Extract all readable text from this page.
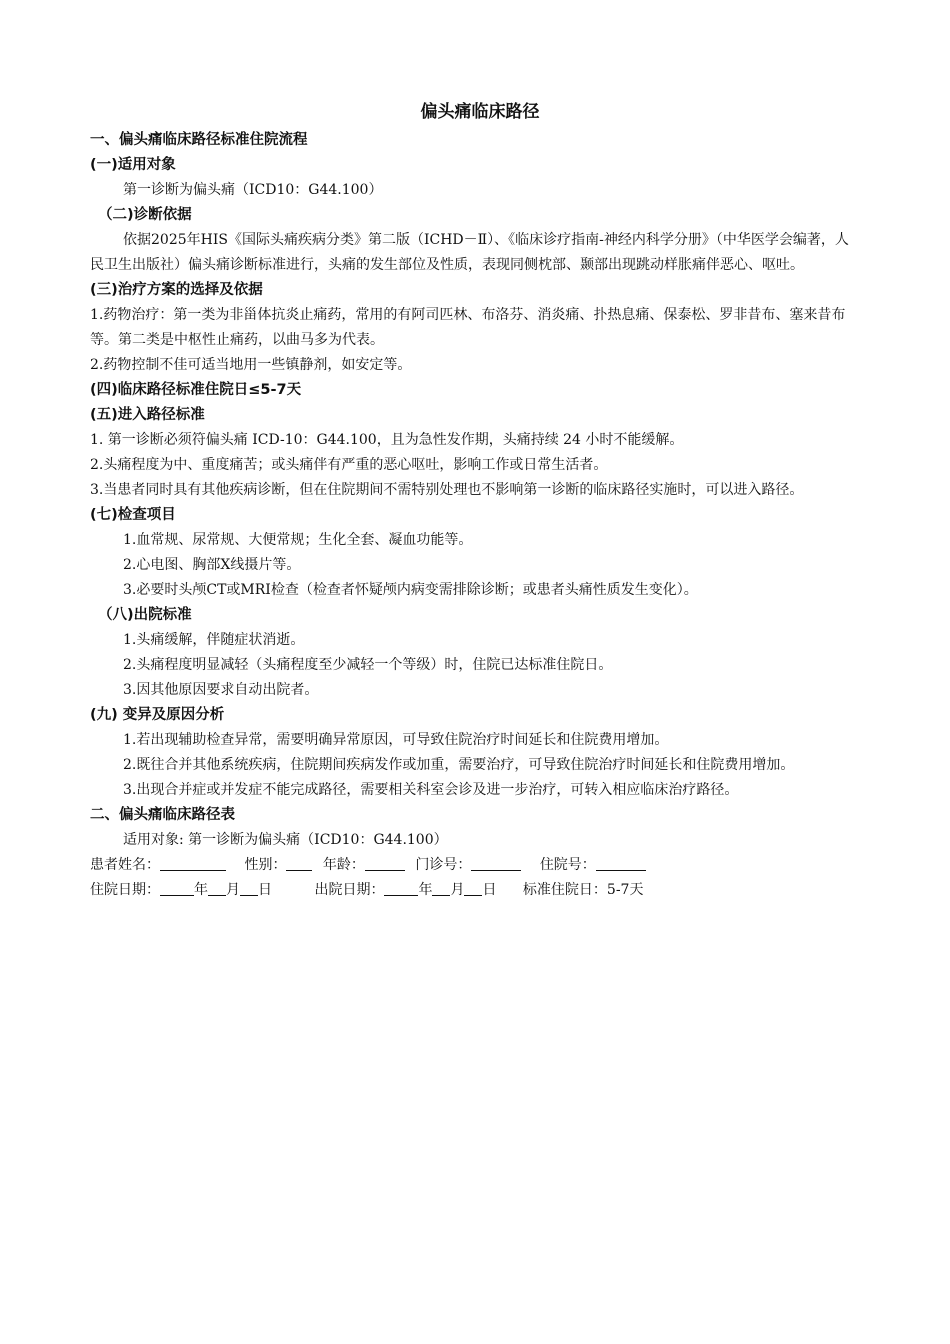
偏头痛临床路径
一、偏头痛临床路径标准住院流程
(一)适用对象
第一诊断为偏头痛（ICD10：G44.100）
（二)诊断依据
依据2025年HIS《国际头痛疾病分类》第二版（ICHD－Ⅱ）、《临床诊疗指南-神经内科学分册》（中华医学会编著，人民卫生出版社）偏头痛诊断标准进行，头痛的发生部位及性质，表现同侧枕部、颞部出现跳动样胀痛伴恶心、呕吐。
(三)治疗方案的选择及依据
1.药物治疗：第一类为非甾体抗炎止痛药，常用的有阿司匹林、布洛芬、消炎痛、扑热息痛、保泰松、罗非昔布、塞来昔布等。第二类是中枢性止痛药，以曲马多为代表。
2.药物控制不佳可适当地用一些镇静剂，如安定等。
(四)临床路径标准住院日≤5-7天
(五)进入路径标准
1. 第一诊断必须符偏头痛 ICD-10：G44.100，且为急性发作期，头痛持续 24 小时不能缓解。
2.头痛程度为中、重度痛苦；或头痛伴有严重的恶心呕吐，影响工作或日常生活者。
3.当患者同时具有其他疾病诊断，但在住院期间不需特别处理也不影响第一诊断的临床路径实施时，可以进入路径。
(七)检查项目
1.血常规、尿常规、大便常规；生化全套、凝血功能等。
2.心电图、胸部Ⅹ线摄片等。
3.必要时头颅CT或MRI检查（检查者怀疑颅内病变需排除诊断；或患者头痛性质发生变化）。
（八)出院标准
1.头痛缓解，伴随症状消逝。
2.头痛程度明显减轻（头痛程度至少减轻一个等级）时，住院已达标准住院日。
3.因其他原因要求自动出院者。
(九) 变异及原因分析
1.若出现辅助检查异常，需要明确异常原因，可导致住院治疗时间延长和住院费用增加。
2.既往合并其他系统疾病，住院期间疾病发作或加重，需要治疗，可导致住院治疗时间延长和住院费用增加。
3.出现合并症或并发症不能完成路径，需要相关科室会诊及进一步治疗，可转入相应临床治疗路径。
二、偏头痛临床路径表
适用对象: 第一诊断为偏头痛（ICD10：G44.100）
患者姓名：	性别：	年龄：	门诊号：	住院号：
住院日期： 年 月 日	出院日期： 年 月 日 标准住院日：5-7天
